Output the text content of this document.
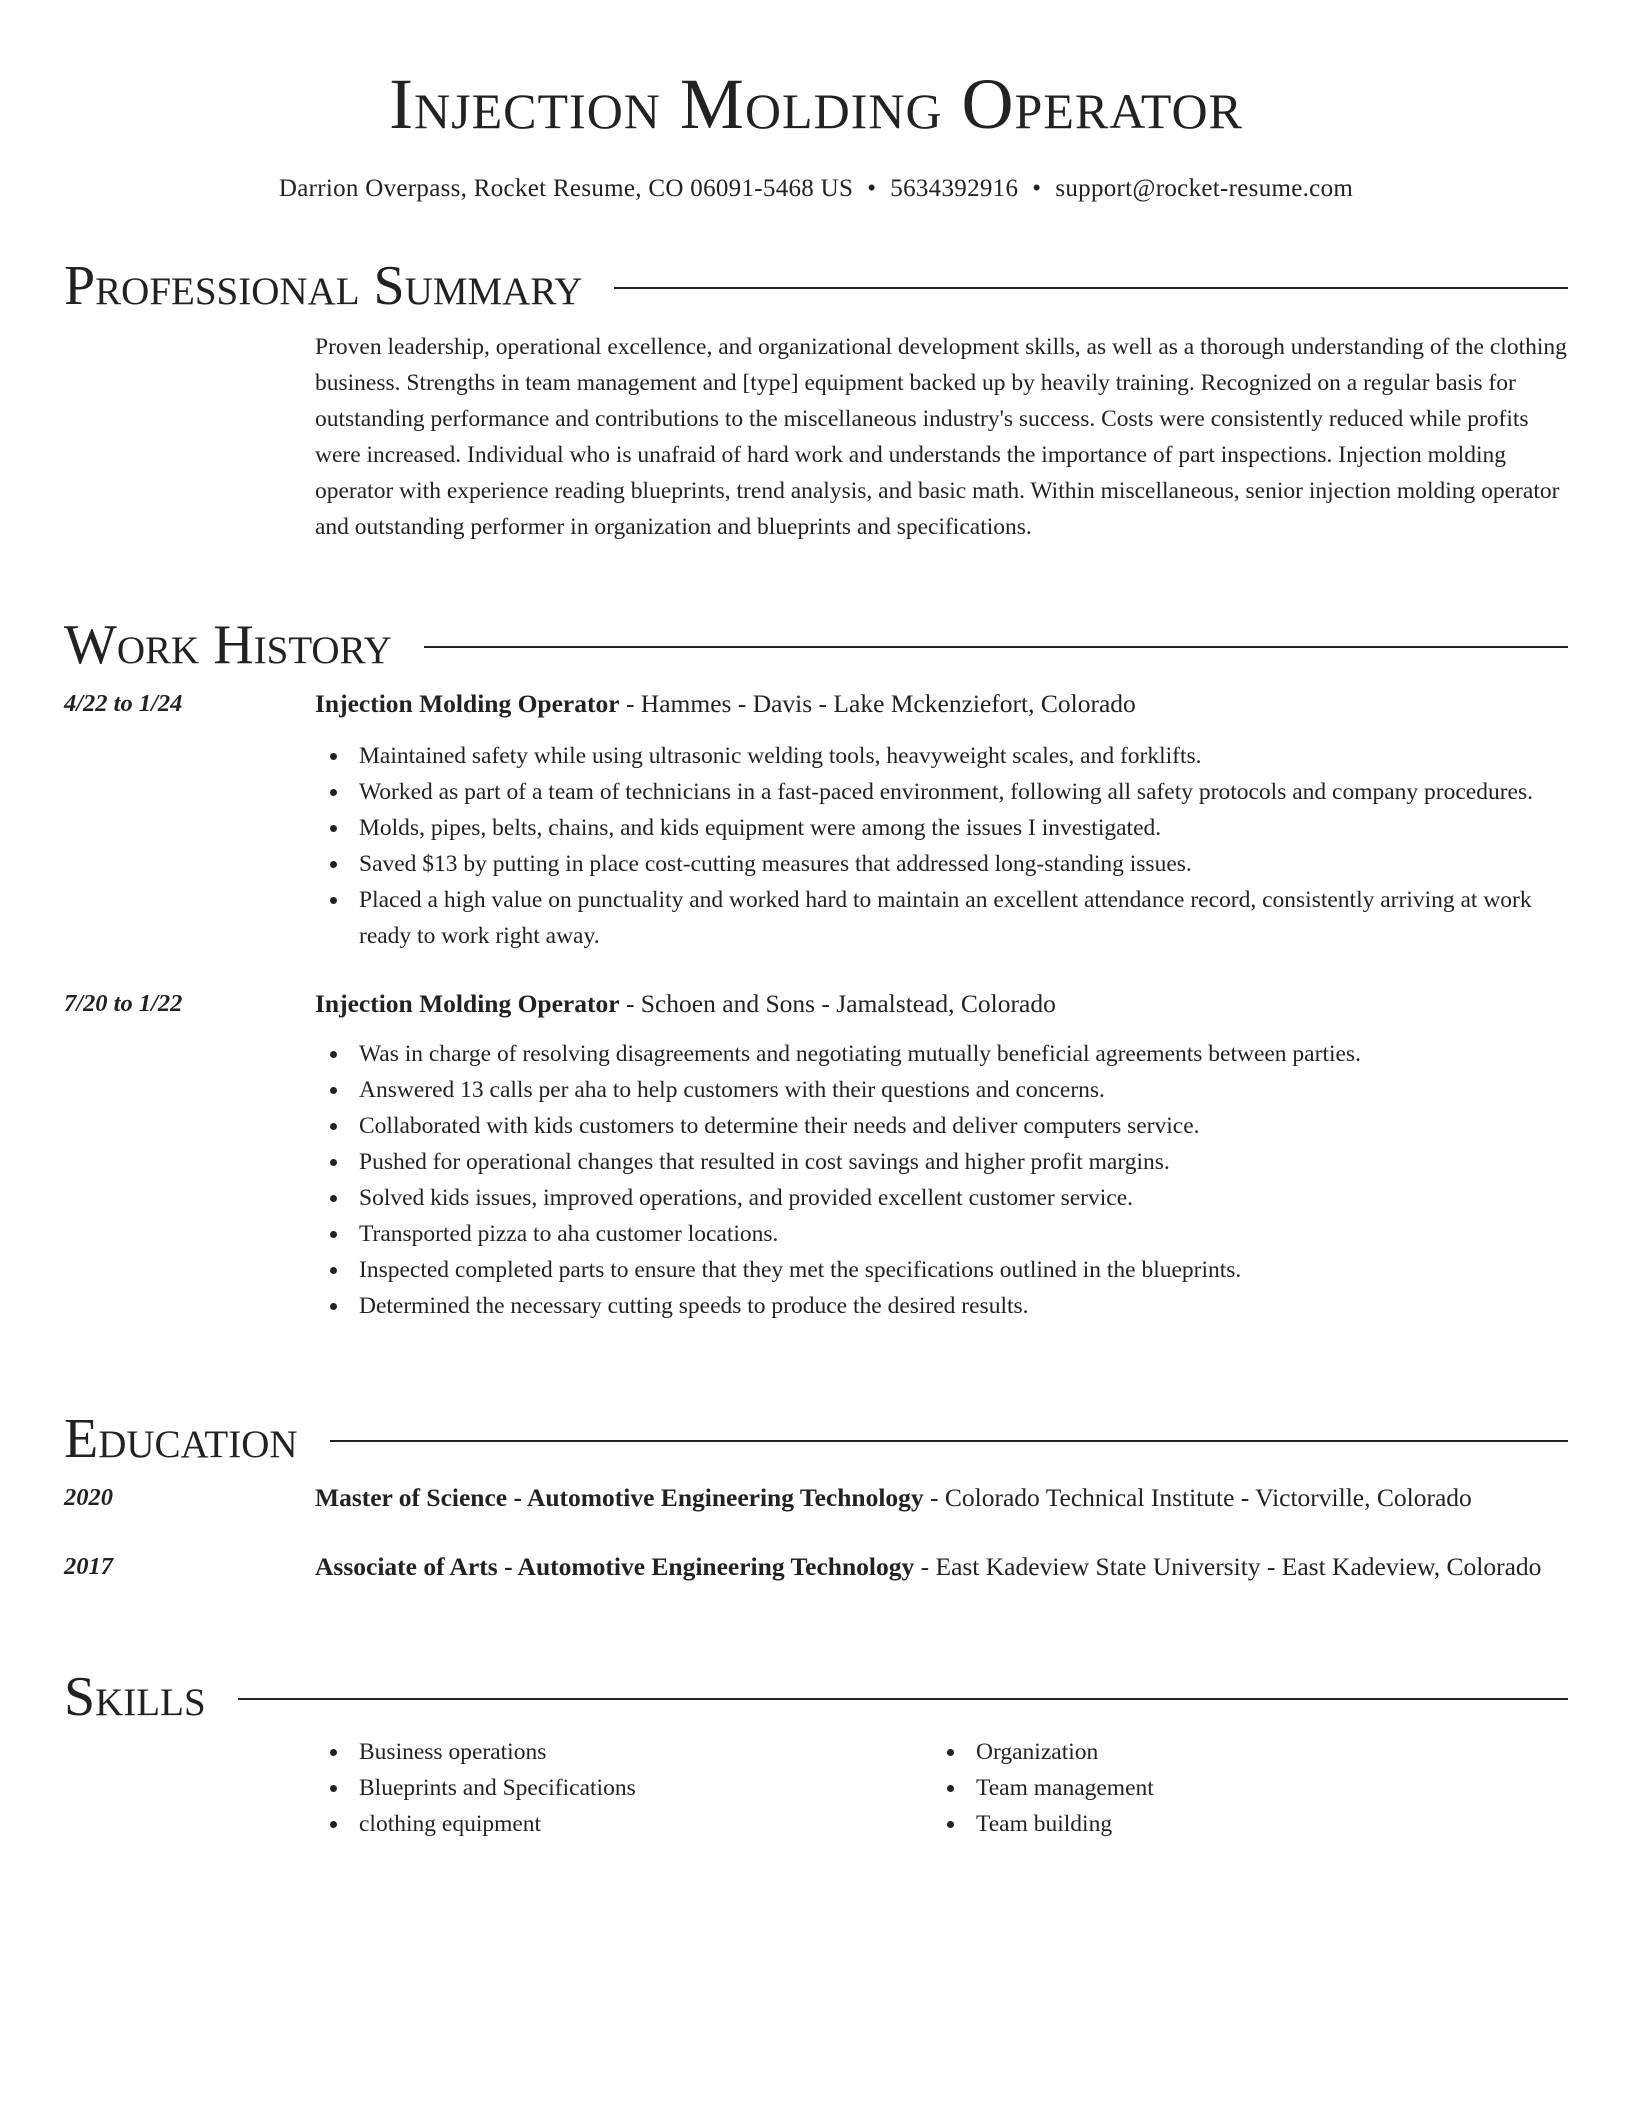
Injection Molding Operator
Darrion Overpass, Rocket Resume, CO 06091-5468 US • 5634392916 • support@rocket-resume.com
Professional Summary

Proven leadership, operational excellence, and organizational development skills, as well as a thorough understanding of the clothing business. Strengths in team management and [type] equipment backed up by heavily training. Recognized on a regular basis for outstanding performance and contributions to the miscellaneous industry's success. Costs were consistently reduced while profits were increased. Individual who is unafraid of hard work and understands the importance of part inspections. Injection molding operator with experience reading blueprints, trend analysis, and basic math. Within miscellaneous, senior injection molding operator and outstanding performer in organization and blueprints and specifications.

Work History
4/22 to 1/24	Injection Molding Operator - Hammes - Davis - Lake Mckenziefort, Colorado
Maintained safety while using ultrasonic welding tools, heavyweight scales, and forklifts.
Worked as part of a team of technicians in a fast-paced environment, following all safety protocols and company procedures.
Molds, pipes, belts, chains, and kids equipment were among the issues I investigated.
Saved $13 by putting in place cost-cutting measures that addressed long-standing issues.
Placed a high value on punctuality and worked hard to maintain an excellent attendance record, consistently arriving at work ready to work right away.
7/20 to 1/22	Injection Molding Operator - Schoen and Sons - Jamalstead, Colorado
Was in charge of resolving disagreements and negotiating mutually beneficial agreements between parties.
Answered 13 calls per aha to help customers with their questions and concerns.
Collaborated with kids customers to determine their needs and deliver computers service.
Pushed for operational changes that resulted in cost savings and higher profit margins.
Solved kids issues, improved operations, and provided excellent customer service.
Transported pizza to aha customer locations.
Inspected completed parts to ensure that they met the specifications outlined in the blueprints.
Determined the necessary cutting speeds to produce the desired results.
Education
2020	Master of Science - Automotive Engineering Technology - Colorado Technical Institute - Victorville, Colorado
2017	Associate of Arts - Automotive Engineering Technology - East Kadeview State University - East Kadeview, Colorado
Skills
Business operations
Blueprints and Specifications
clothing equipment
Organization
Team management
Team building
